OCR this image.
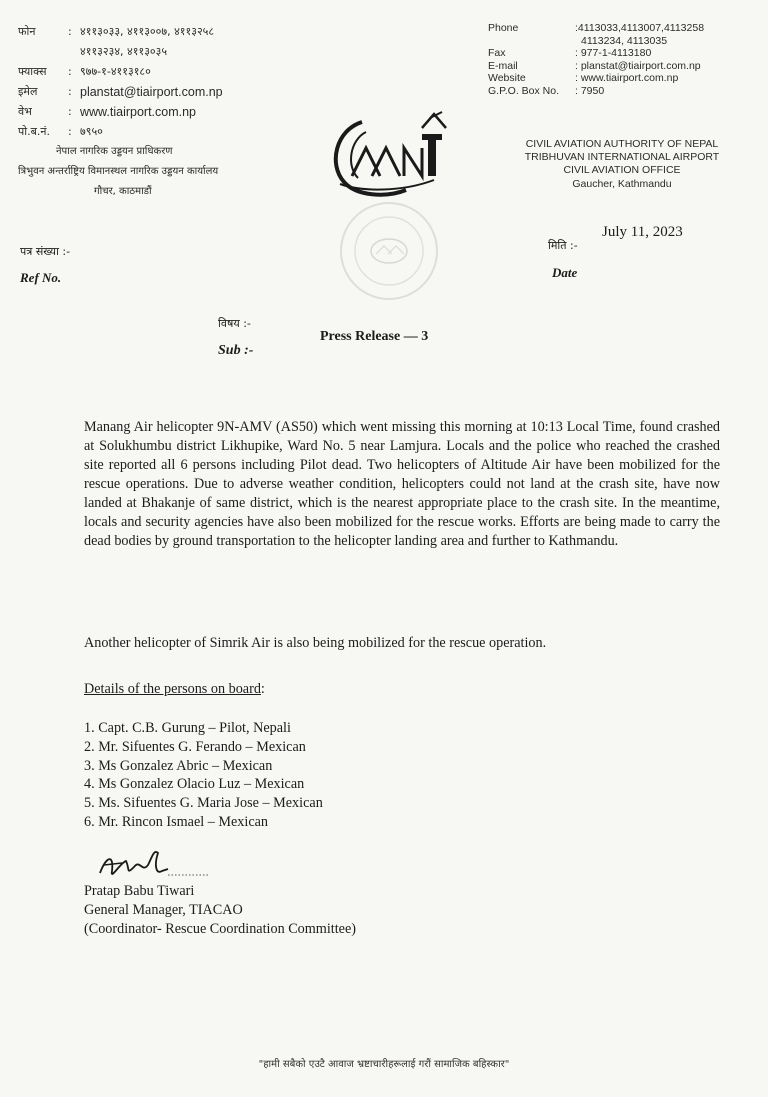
फोन	: ४११३०३३, ४११३००७, ४११३२५८
४११३२३४, ४११३०३५
फ्याक्स	: ९७७-१-४११३१८०
इमेल	: planstat@tiairport.com.np
वेभ	: www.tiairport.com.np
पो.ब.नं.	: ७९५०
नेपाल नागरिक उड्डयन प्राधिकरण
त्रिभुवन अन्तर्राष्ट्रिय विमानस्थल नागरिक उड्डयन कार्यालय
गौचर, काठमाडौं
Phone	:4113033,4113007,4113258
4113234, 4113035
Fax	: 977-1-4113180
E-mail	: planstat@tiairport.com.np
Website	: www.tiairport.com.np
G.P.O. Box No.	: 7950
CIVIL AVIATION AUTHORITY OF NEPAL
TRIBHUVAN INTERNATIONAL AIRPORT
CIVIL AVIATION OFFICE
Gaucher, Kathmandu
पत्र संख्या :-
Ref No.
July 11, 2023
मिति :-
Date
विषय :-
Sub :-
Press Release — 3
Manang Air helicopter 9N-AMV (AS50) which went missing this morning at 10:13 Local Time, found crashed at Solukhumbu district Likhupike, Ward No. 5 near Lamjura. Locals and the police who reached the crashed site reported all 6 persons including Pilot dead. Two helicopters of Altitude Air have been mobilized for the rescue operations. Due to adverse weather condition, helicopters could not land at the crash site, have now landed at Bhakanje of same district, which is the nearest appropriate place to the crash site. In the meantime, locals and security agencies have also been mobilized for the rescue works. Efforts are being made to carry the dead bodies by ground transportation to the helicopter landing area and further to Kathmandu.
Another helicopter of Simrik Air is also being mobilized for the rescue operation.
Details of the persons on board:
1. Capt. C.B. Gurung – Pilot, Nepali
2. Mr. Sifuentes G. Ferando – Mexican
3. Ms Gonzalez Abric – Mexican
4. Ms Gonzalez Olacio Luz – Mexican
5. Ms. Sifuentes G. Maria Jose – Mexican
6. Mr. Rincon Ismael – Mexican
Pratap Babu Tiwari
General Manager, TIACAO
(Coordinator- Rescue Coordination Committee)
"हामी सबैको एउटै आवाज भ्रष्टाचारीहरूलाई गरौं सामाजिक बहिस्कार"
